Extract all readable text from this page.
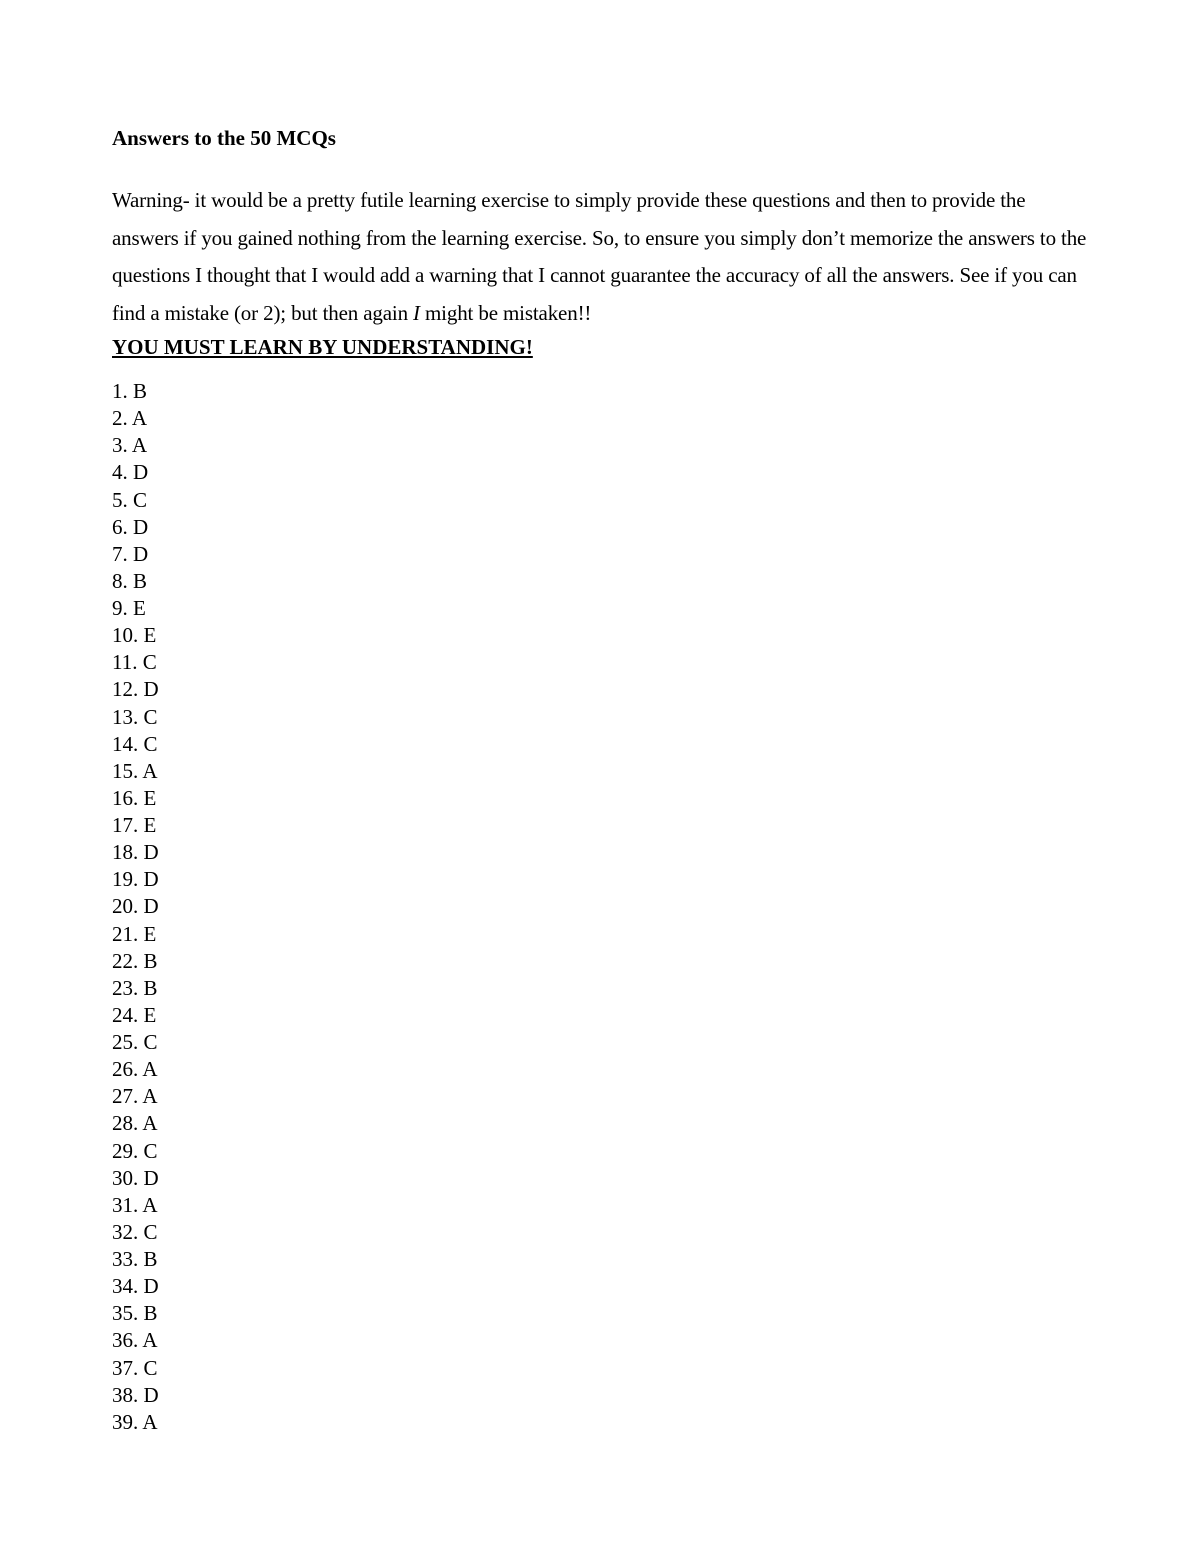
Answers to the 50 MCQs

Warning- it would be a pretty futile learning exercise to simply provide these questions and then to provide the answers if you gained nothing from the learning exercise. So, to ensure you simply don’t memorize the answers to the questions I thought that I would add a warning that I cannot guarantee the accuracy of all the answers. See if you can find a mistake (or 2); but then again I might be mistaken!!

YOU MUST LEARN BY UNDERSTANDING!
1. B
2. A
3. A
4. D
5. C
6. D
7. D
8. B
9. E
10. E
11. C
12. D
13. C
14. C
15. A
16. E
17. E
18. D
19. D
20. D
21. E
22. B
23. B
24. E
25. C
26. A
27. A
28. A
29. C
30. D
31. A
32. C
33. B
34. D
35. B
36. A
37. C
38. D
39. A
